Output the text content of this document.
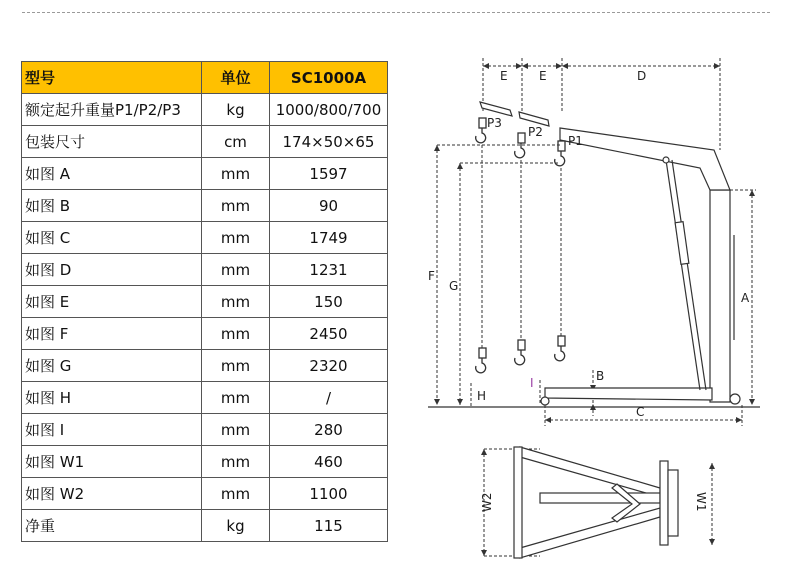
型号	单位	SC1000A
额定起升重量P1/P2/P3	kg	1000/800/700
包装尺寸	cm	174×50×65
如图 A	mm	1597
如图 B	mm	90
如图 C	mm	1749
如图 D	mm	1231
如图 E	mm	150
如图 F	mm	2450
如图 G	mm	2320
如图 H	mm	/
如图 I	mm	280
如图 W1	mm	460
如图 W2	mm	1100
净重	kg	115
E	E	D
P1
P2
P3
A
B
C
F
G
H
I
W1
W2
